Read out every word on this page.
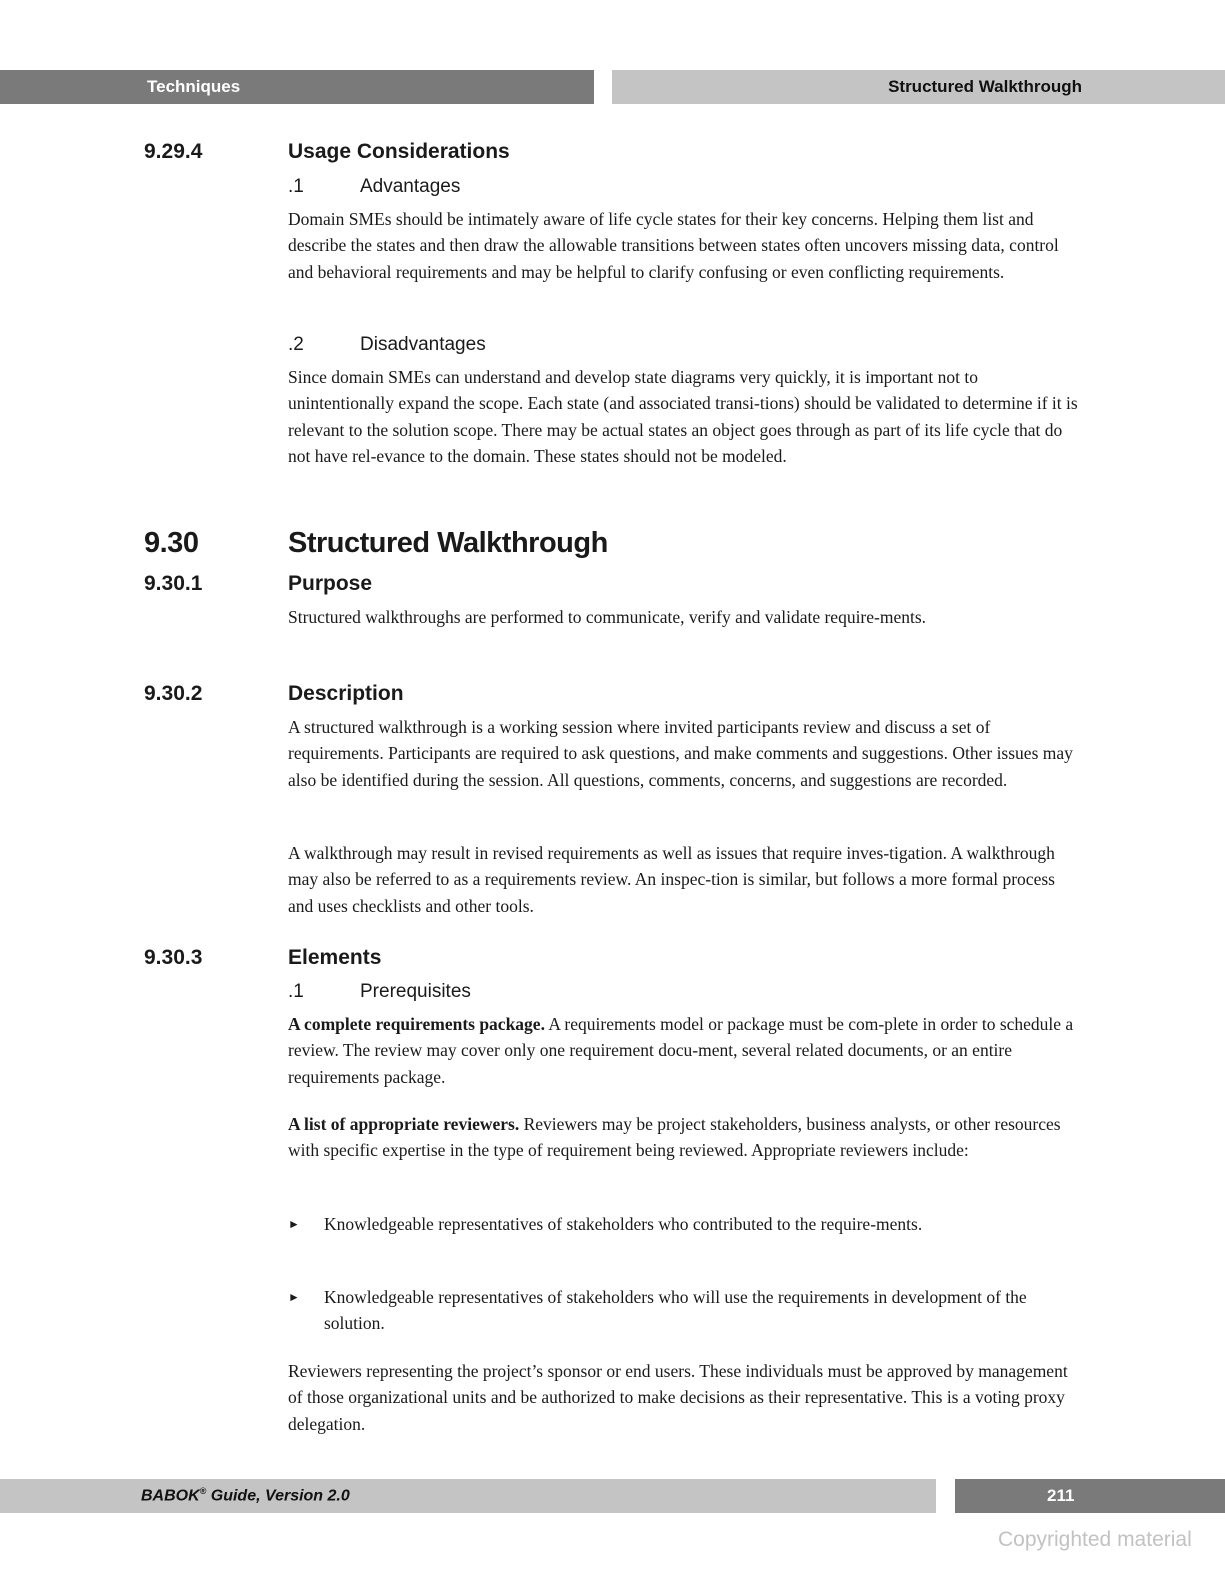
Techniques	Structured Walkthrough
9.29.4	Usage Considerations
.1	Advantages

Domain SMEs should be intimately aware of life cycle states for their key concerns. Helping them list and describe the states and then draw the allowable transitions between states often uncovers missing data, control and behavioral requirements and may be helpful to clarify confusing or even conflicting requirements.

.2	Disadvantages

Since domain SMEs can understand and develop state diagrams very quickly, it is important not to unintentionally expand the scope. Each state (and associated transi-tions) should be validated to determine if it is relevant to the solution scope. There may be actual states an object goes through as part of its life cycle that do not have rel-evance to the domain. These states should not be modeled.

9.30	Structured Walkthrough
9.30.1	Purpose

Structured walkthroughs are performed to communicate, verify and validate require-ments.

9.30.2	Description

A structured walkthrough is a working session where invited participants review and discuss a set of requirements. Participants are required to ask questions, and make comments and suggestions. Other issues may also be identified during the session. All questions, comments, concerns, and suggestions are recorded.

A walkthrough may result in revised requirements as well as issues that require inves-tigation. A walkthrough may also be referred to as a requirements review. An inspec-tion is similar, but follows a more formal process and uses checklists and other tools.

9.30.3	Elements
.1	Prerequisites

A complete requirements package. A requirements model or package must be com-plete in order to schedule a review. The review may cover only one requirement docu-ment, several related documents, or an entire requirements package.

A list of appropriate reviewers. Reviewers may be project stakeholders, business analysts, or other resources with specific expertise in the type of requirement being reviewed. Appropriate reviewers include:

► Knowledgeable representatives of stakeholders who contributed to the require-ments.
► Knowledgeable representatives of stakeholders who will use the requirements in development of the solution.

Reviewers representing the project’s sponsor or end users. These individuals must be approved by management of those organizational units and be authorized to make decisions as their representative. This is a voting proxy delegation.

BABOK® Guide, Version 2.0	211
Copyrighted material
